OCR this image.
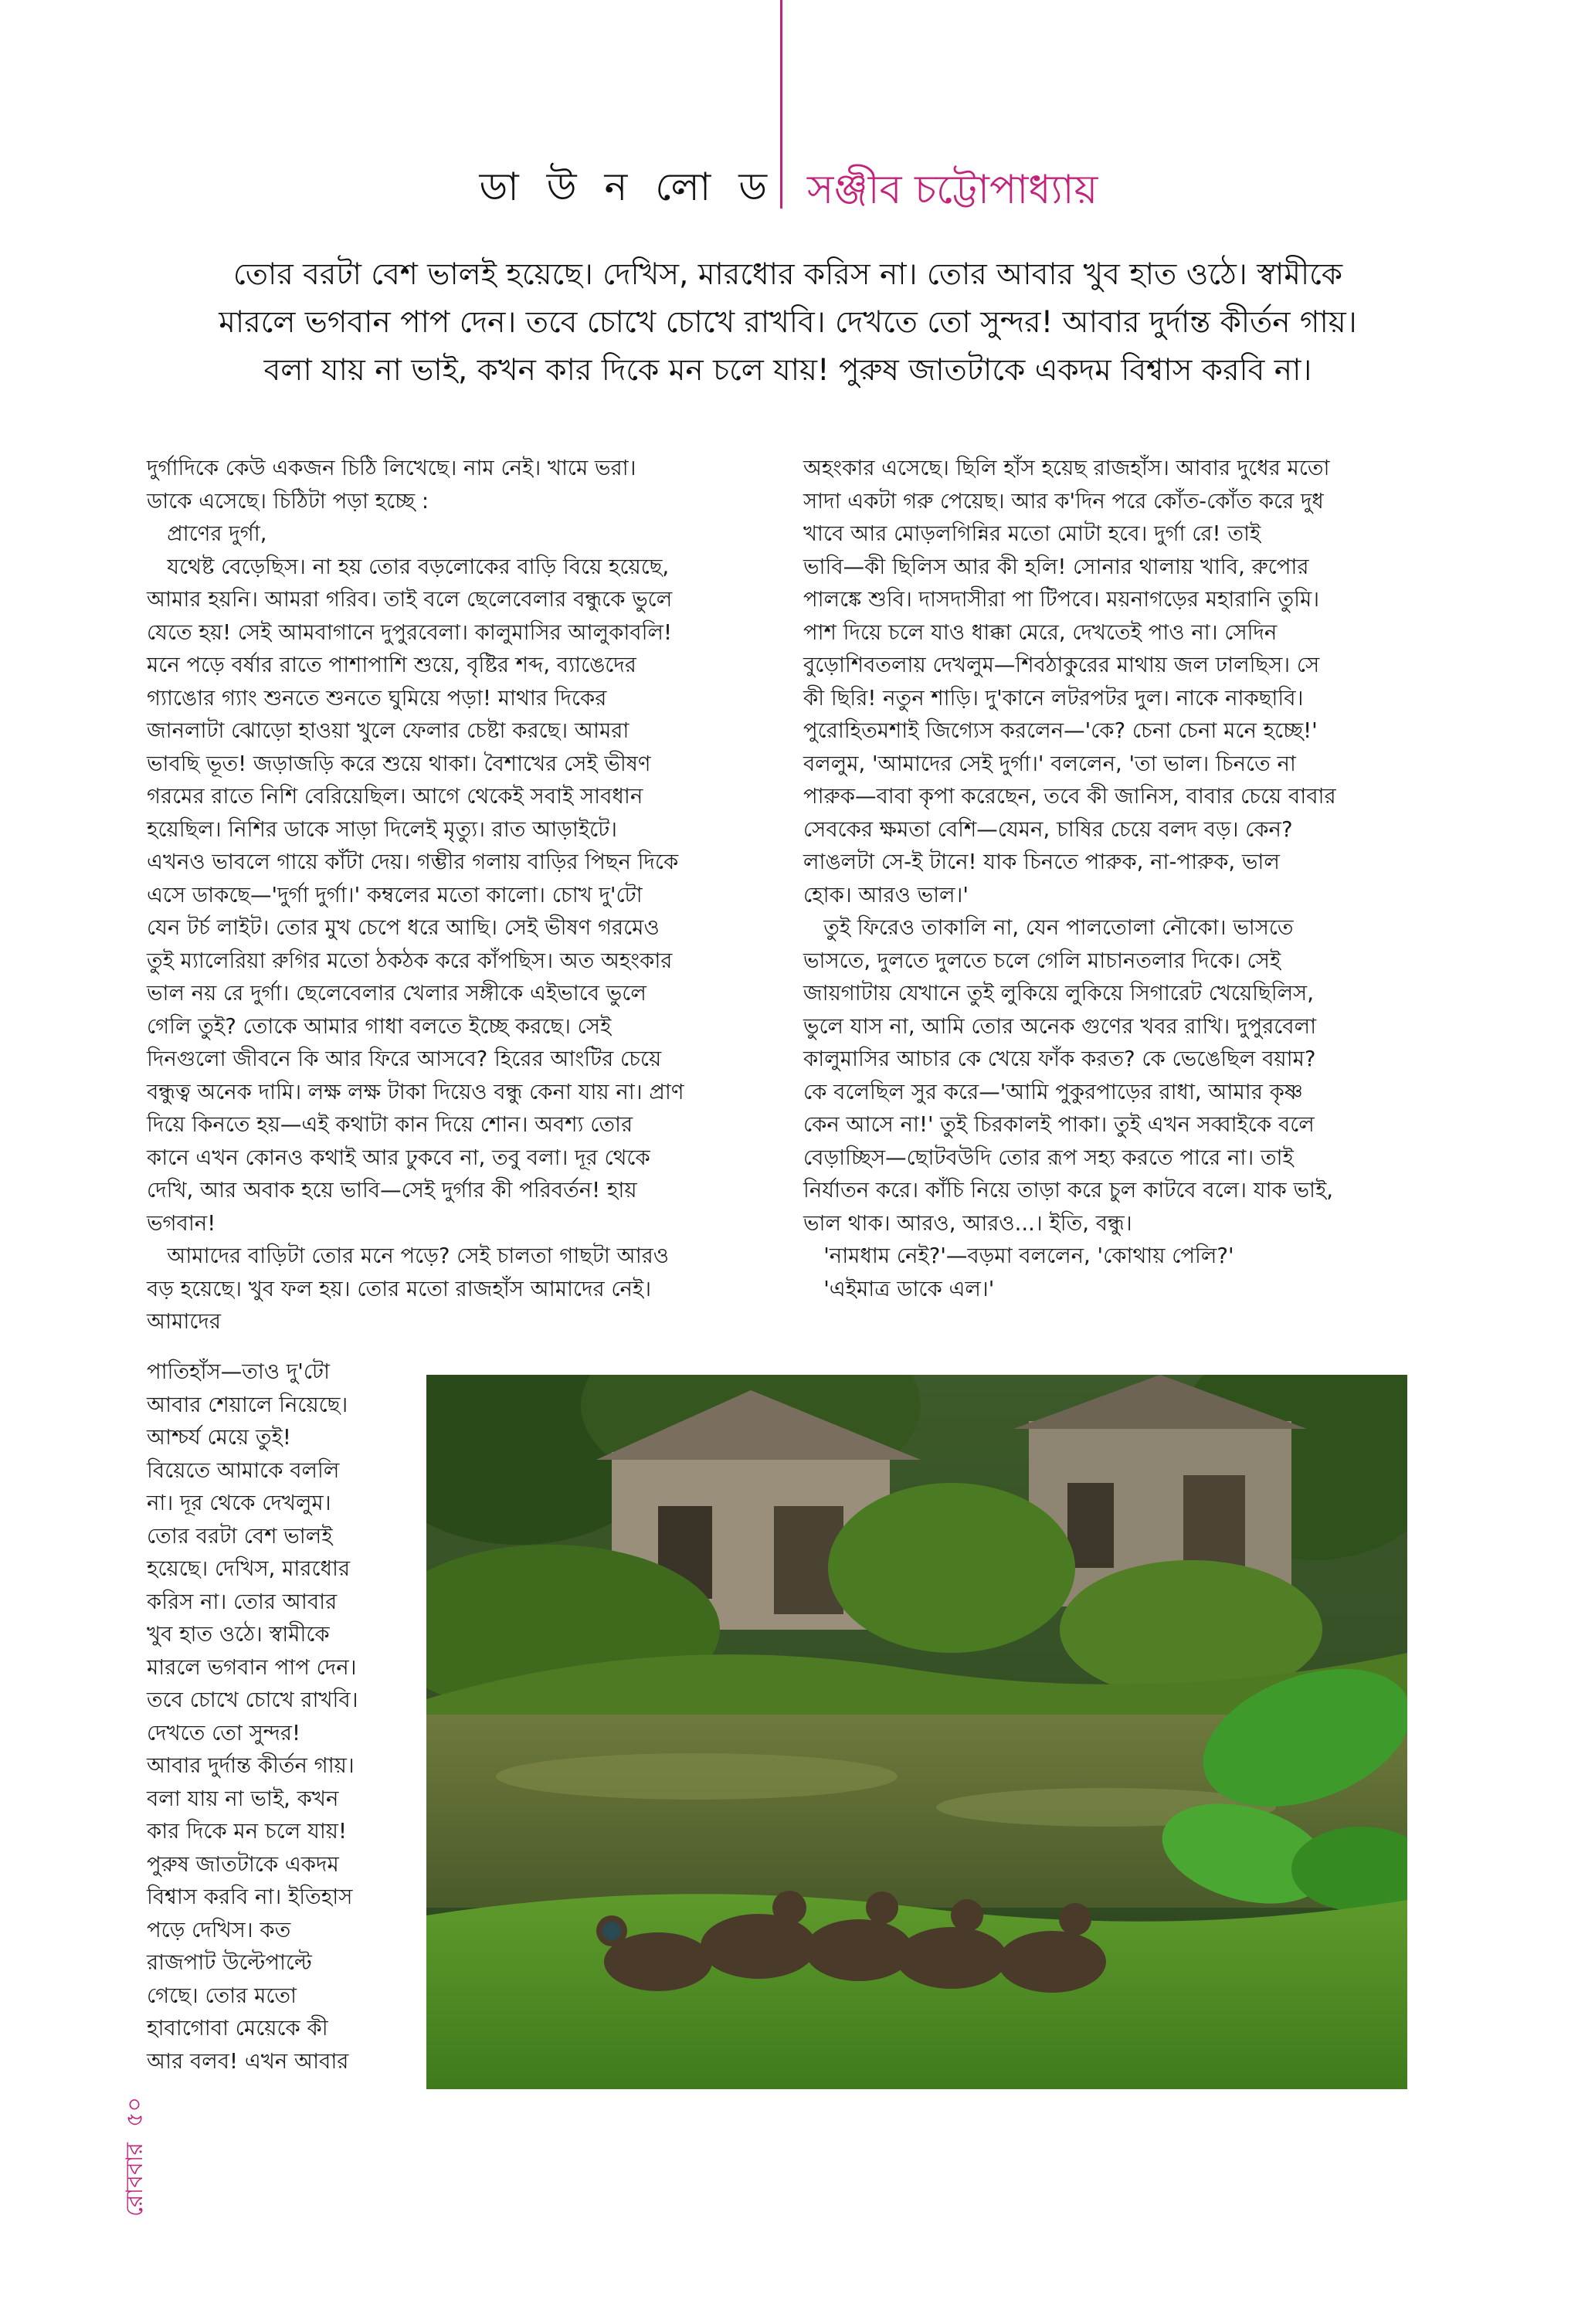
ডা উ ন লো ড সঞ্জীব চট্টোপাধ্যায়
তোর বরটা বেশ ভালই হয়েছে। দেখিস, মারধোর করিস না। তোর আবার খুব হাত ওঠে। স্বামীকে
মারলে ভগবান পাপ দেন। তবে চোখে চোখে রাখবি। দেখতে তো সুন্দর! আবার দুর্দান্ত কীর্তন গায়।
বলা যায় না ভাই, কখন কার দিকে মন চলে যায়! পুরুষ জাতটাকে একদম বিশ্বাস করবি না।
দুর্গাদিকে কেউ একজন চিঠি লিখেছে। নাম নেই। খামে ভরা।
ডাকে এসেছে। চিঠিটা পড়া হচ্ছে :
প্রাণের দুর্গা,
যথেষ্ট বেড়েছিস। না হয় তোর বড়লোকের বাড়ি বিয়ে হয়েছে,
আমার হয়নি। আমরা গরিব। তাই বলে ছেলেবেলার বন্ধুকে ভুলে
যেতে হয়! সেই আমবাগানে দুপুরবেলা। কালুমাসির আলুকাবলি!
মনে পড়ে বর্ষার রাতে পাশাপাশি শুয়ে, বৃষ্টির শব্দ, ব্যাঙেদের
গ্যাঙোর গ্যাং শুনতে শুনতে ঘুমিয়ে পড়া! মাথার দিকের
জানলাটা ঝোড়ো হাওয়া খুলে ফেলার চেষ্টা করছে। আমরা
ভাবছি ভূত! জড়াজড়ি করে শুয়ে থাকা। বৈশাখের সেই ভীষণ
গরমের রাতে নিশি বেরিয়েছিল। আগে থেকেই সবাই সাবধান
হয়েছিল। নিশির ডাকে সাড়া দিলেই মৃত্যু। রাত আড়াইটে।
এখনও ভাবলে গায়ে কাঁটা দেয়। গম্ভীর গলায় বাড়ির পিছন দিকে
এসে ডাকছে—'দুর্গা দুর্গা।' কম্বলের মতো কালো। চোখ দু'টো
যেন টর্চ লাইট। তোর মুখ চেপে ধরে আছি। সেই ভীষণ গরমেও
তুই ম্যালেরিয়া রুগির মতো ঠকঠক করে কাঁপছিস। অত অহংকার
ভাল নয় রে দুর্গা। ছেলেবেলার খেলার সঙ্গীকে এইভাবে ভুলে
গেলি তুই? তোকে আমার গাধা বলতে ইচ্ছে করছে। সেই
দিনগুলো জীবনে কি আর ফিরে আসবে? হিরের আংটির চেয়ে
বন্ধুত্ব অনেক দামি। লক্ষ লক্ষ টাকা দিয়েও বন্ধু কেনা যায় না। প্রাণ
দিয়ে কিনতে হয়—এই কথাটা কান দিয়ে শোন। অবশ্য তোর
কানে এখন কোনও কথাই আর ঢুকবে না, তবু বলা। দূর থেকে
দেখি, আর অবাক হয়ে ভাবি—সেই দুর্গার কী পরিবর্তন! হায়
ভগবান!
আমাদের বাড়িটা তোর মনে পড়ে? সেই চালতা গাছটা আরও
বড় হয়েছে। খুব ফল হয়। তোর মতো রাজহাঁস আমাদের নেই।
আমাদের
পাতিহাঁস—তাও দু'টো
আবার শেয়ালে নিয়েছে।
আশ্চর্য মেয়ে তুই!
বিয়েতে আমাকে বললি
না। দূর থেকে দেখলুম।
তোর বরটা বেশ ভালই
হয়েছে। দেখিস, মারধোর
করিস না। তোর আবার
খুব হাত ওঠে। স্বামীকে
মারলে ভগবান পাপ দেন।
তবে চোখে চোখে রাখবি।
দেখতে তো সুন্দর!
আবার দুর্দান্ত কীর্তন গায়।
বলা যায় না ভাই, কখন
কার দিকে মন চলে যায়!
পুরুষ জাতটাকে একদম
বিশ্বাস করবি না। ইতিহাস
পড়ে দেখিস। কত
রাজপাট উল্টেপাল্টে
গেছে। তোর মতো
হাবাগোবা মেয়েকে কী
আর বলব! এখন আবার
অহংকার এসেছে। ছিলি হাঁস হয়েছ রাজহাঁস। আবার দুধের মতো
সাদা একটা গরু পেয়েছ। আর ক'দিন পরে কোঁত-কোঁত করে দুধ
খাবে আর মোড়লগিন্নির মতো মোটা হবে। দুর্গা রে! তাই
ভাবি—কী ছিলিস আর কী হলি! সোনার থালায় খাবি, রুপোর
পালঙ্কে শুবি। দাসদাসীরা পা টিপবে। ময়নাগড়ের মহারানি তুমি।
পাশ দিয়ে চলে যাও ধাক্কা মেরে, দেখতেই পাও না। সেদিন
বুড়োশিবতলায় দেখলুম—শিবঠাকুরের মাথায় জল ঢালছিস। সে
কী ছিরি! নতুন শাড়ি। দু'কানে লটরপটর দুল। নাকে নাকছাবি।
পুরোহিতমশাই জিগ্যেস করলেন—'কে? চেনা চেনা মনে হচ্ছে!'
বললুম, 'আমাদের সেই দুর্গা।' বললেন, 'তা ভাল। চিনতে না
পারুক—বাবা কৃপা করেছেন, তবে কী জানিস, বাবার চেয়ে বাবার
সেবকের ক্ষমতা বেশি—যেমন, চাষির চেয়ে বলদ বড়। কেন?
লাঙলটা সে-ই টানে! যাক চিনতে পারুক, না-পারুক, ভাল
হোক। আরও ভাল।'
তুই ফিরেও তাকালি না, যেন পালতোলা নৌকো। ভাসতে
ভাসতে, দুলতে দুলতে চলে গেলি মাচানতলার দিকে। সেই
জায়গাটায় যেখানে তুই লুকিয়ে লুকিয়ে সিগারেট খেয়েছিলিস,
ভুলে যাস না, আমি তোর অনেক গুণের খবর রাখি। দুপুরবেলা
কালুমাসির আচার কে খেয়ে ফাঁক করত? কে ভেঙেছিল বয়াম?
কে বলেছিল সুর করে—'আমি পুকুরপাড়ের রাধা, আমার কৃষ্ণ
কেন আসে না!' তুই চিরকালই পাকা। তুই এখন সব্বাইকে বলে
বেড়াচ্ছিস—ছোটবউদি তোর রূপ সহ্য করতে পারে না। তাই
নির্যাতন করে। কাঁচি নিয়ে তাড়া করে চুল কাটবে বলে। যাক ভাই,
ভাল থাক। আরও, আরও...। ইতি, বন্ধু।
'নামধাম নেই?'—বড়মা বললেন, 'কোথায় পেলি?'
'এইমাত্র ডাকে এল।'
রোববার৫০
